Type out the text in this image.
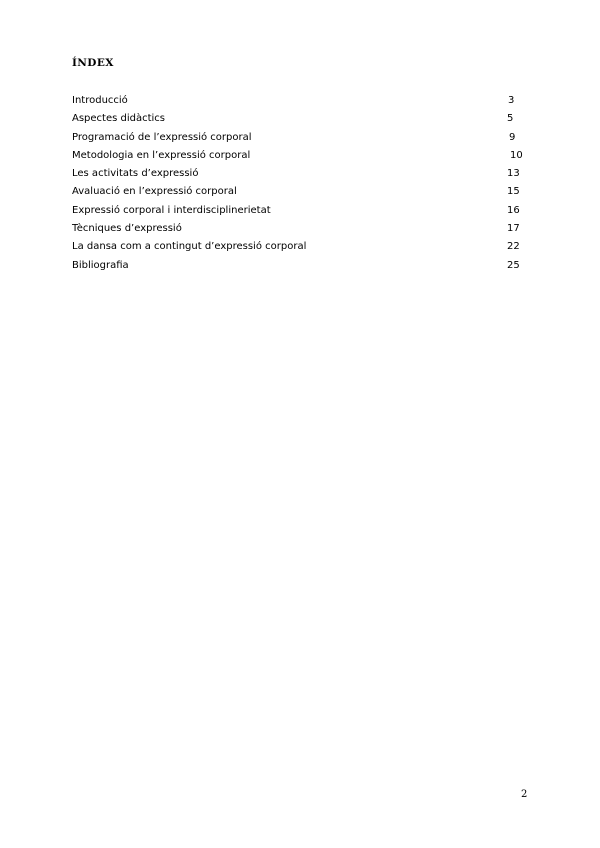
ÍNDEX
Introducció	3
Aspectes didàctics	5
Programació de l’expressió corporal	9
Metodologia en l’expressió corporal	10
Les activitats d’expressió	13
Avaluació en l’expressió corporal	15
Expressió corporal i interdisciplinerietat	16
Tècniques d’expressió	17
La dansa com a contingut d’expressió corporal	22
Bibliografia	25
2
